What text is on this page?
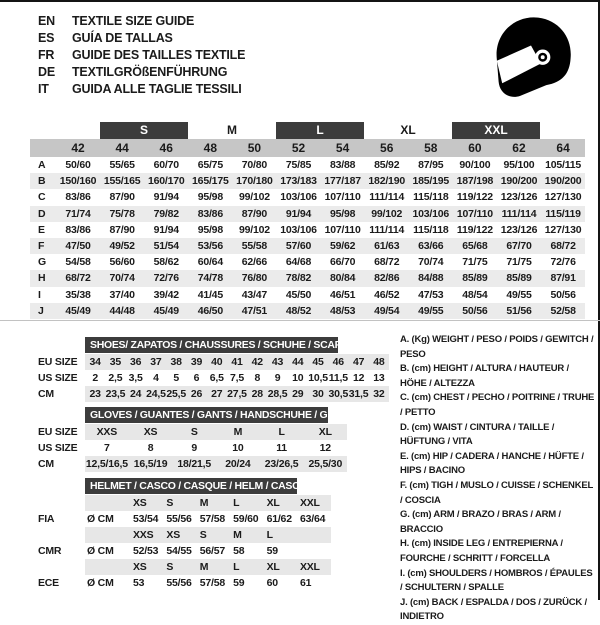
EN	TEXTILE SIZE GUIDE
ES	GUÍA DE TALLAS
FR	GUIDE DES TAILLES TEXTILE
DE	TEXTILGRÖßENFÜHRUNG
IT	GUIDA ALLE TAGLIE TESSILI
S	M	L	XL	XXL
42	44	46	48	50	52	54	56	58	60	62	64
A	50/60	55/65	60/70	65/75	70/80	75/85	83/88	85/92	87/95	90/100	95/100	105/115
B	150/160 155/165 160/170 165/175 170/180 173/183 177/187 182/190 185/195 187/198 190/200 190/200
C	83/86	87/90	91/94	95/98	99/102 103/106 107/110 111/114 115/118 119/122 123/126 127/130
D	71/74	75/78	79/82	83/86	87/90	91/94	95/98	99/102 103/106 107/110 111/114 115/119
E	83/86	87/90	91/94	95/98	99/102 103/106 107/110 111/114 115/118 119/122 123/126 127/130
F	47/50	49/52	51/54	53/56	55/58	57/60	59/62	61/63	63/66	65/68	67/70	68/72
G	54/58	56/60	58/62	60/64	62/66	64/68	66/70	68/72	70/74	71/75	71/75	72/76
H	68/72	70/74	72/76	74/78	76/80	78/82	80/84	82/86	84/88	85/89	85/89	87/91
I	35/38	37/40	39/42	41/45	43/47	45/50	46/51	46/52	47/53	48/54	49/55	50/56
J	45/49	44/48	45/49	46/50	47/51	48/52	48/53	49/54	49/55	50/56	51/56	52/58
SHOES/ ZAPATOS / CHAUSSURES / SCHUHE / SCARPE
34 35 36 37 38 39 40 41 42 43 44 45 46 47 48
EU SIZE
2 2,5 3,5 4	5	6 6,5 7,5 8	9	10 10,5 11,5 12 13
US SIZE
23 23,5 24 24,5 25,5 26 27 27,5 28 28,5 29 30 30,5 31,5 32
CM
GLOVES / GUANTES / GANTS / HANDSCHUHE / GUANTI
XXS	XS	S	M	L	XL
EU SIZE
7	8	9	10	11	12
US SIZE
12,5/16,5 16,5/19 18/21,5	20/24	23/26,5 25,5/30
CM
HELMET / CASCO / CASQUE / HELM / CASCO
XS	S	M	L	XL	XXL
Ø CM	53/54 55/56 57/58 59/60 61/62 63/64
FIA
XXS	XS	S	M	L
Ø CM	52/53 54/55 56/57 58	59
CMR
XS	S	M	L	XL	XXL
Ø CM	53	55/56 57/58 59	60	61
ECE
A. (Kg) WEIGHT / PESO / POIDS / GEWITCH / PESO
B. (cm) HEIGHT / ALTURA / HAUTEUR / HÖHE / ALTEZZA
C. (cm) CHEST / PECHO / POITRINE / TRUHE / PETTO
D. (cm) WAIST / CINTURA / TAILLE / HÜFTUNG / VITA
E. (cm) HIP / CADERA / HANCHE / HÜFTE / HIPS / BACINO
F. (cm) TIGH / MUSLO / CUISSE / SCHENKEL / COSCIA
G. (cm) ARM / BRAZO / BRAS / ARM / BRACCIO
H. (cm) INSIDE LEG / ENTREPIERNA / FOURCHE / SCHRITT / FORCELLA
I. (cm) SHOULDERS / HOMBROS / ÉPAULES / SCHULTERN / SPALLE
J. (cm) BACK / ESPALDA / DOS / ZURÜCK / INDIETRO
